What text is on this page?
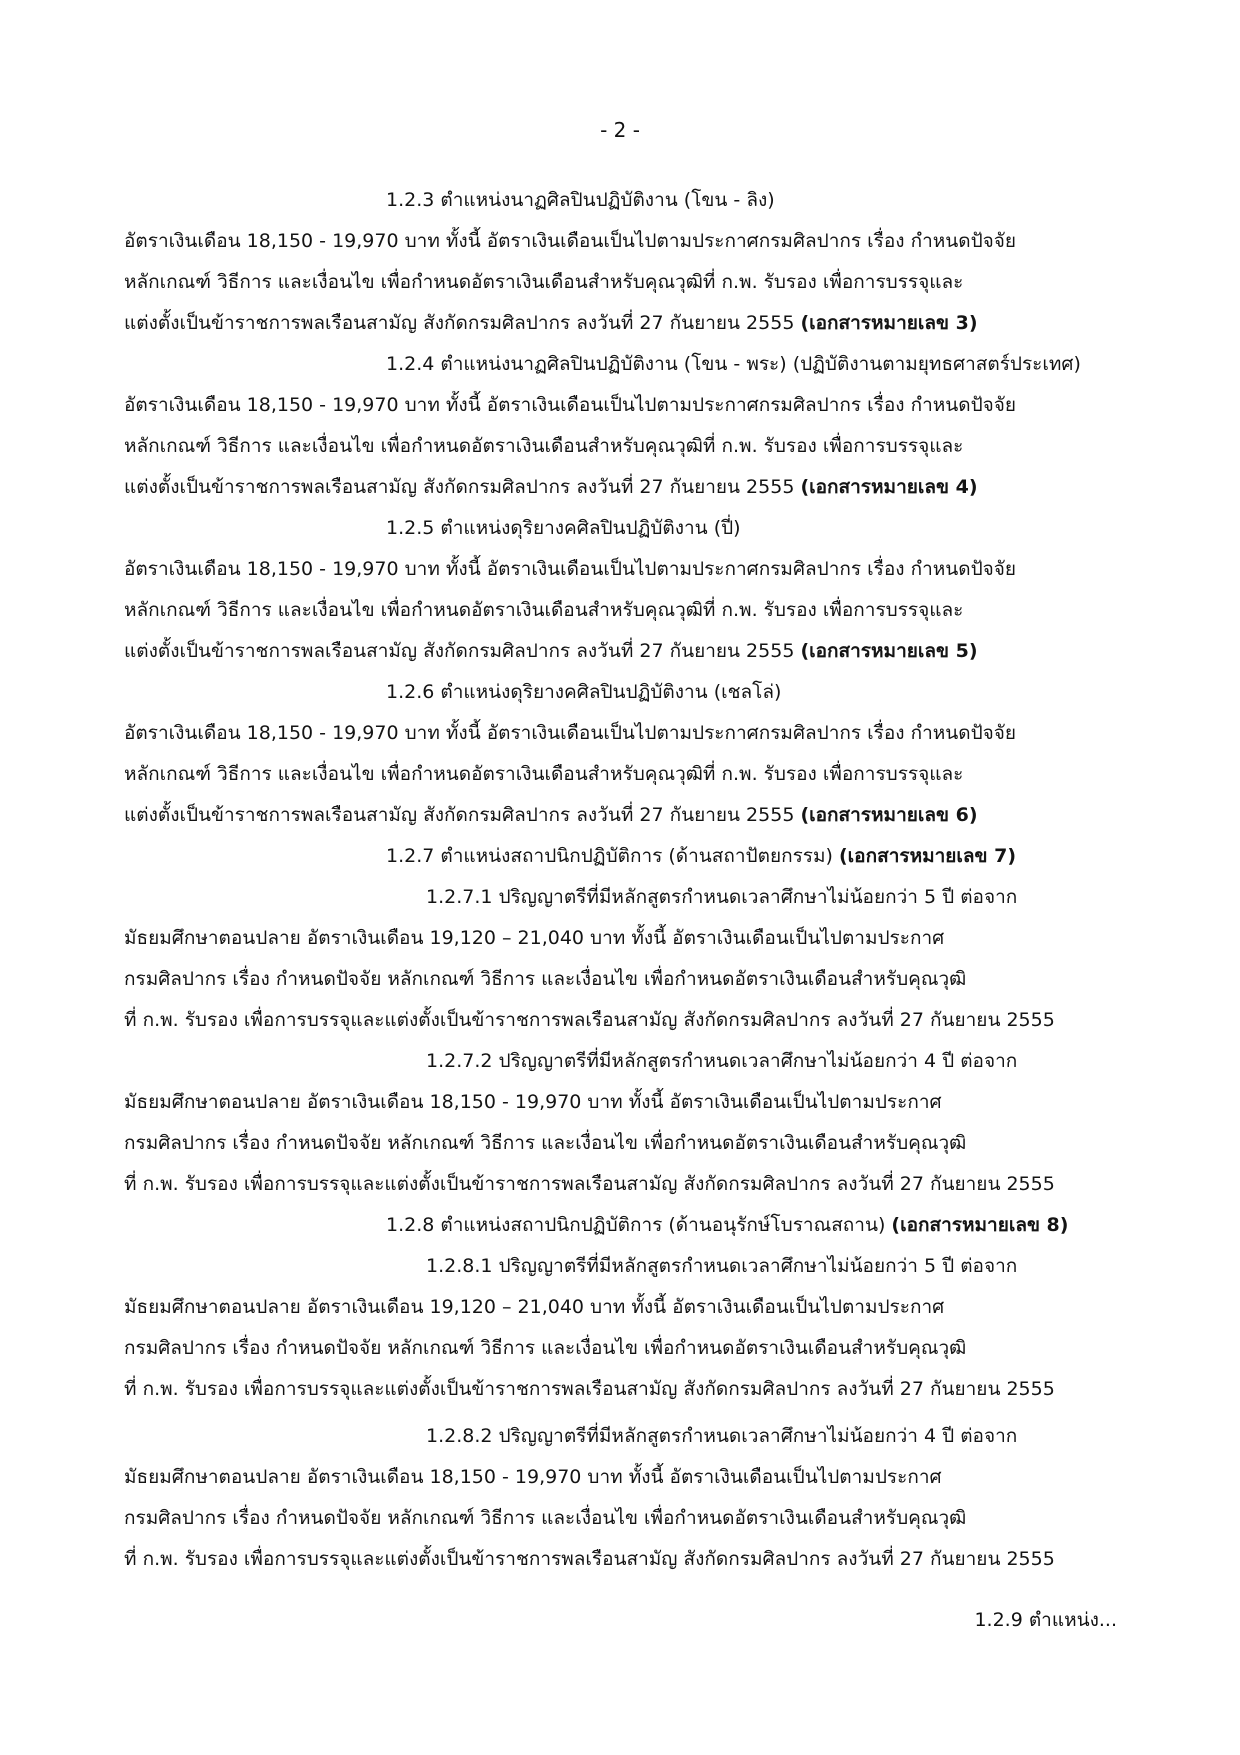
- 2 -
1.2.3 ตำแหน่งนาฏศิลปินปฏิบัติงาน (โขน - ลิง)
อัตราเงินเดือน 18,150 - 19,970 บาท ทั้งนี้ อัตราเงินเดือนเป็นไปตามประกาศกรมศิลปากร เรื่อง กำหนดปัจจัย
หลักเกณฑ์ วิธีการ และเงื่อนไข เพื่อกำหนดอัตราเงินเดือนสำหรับคุณวุฒิที่ ก.พ. รับรอง เพื่อการบรรจุและ
แต่งตั้งเป็นข้าราชการพลเรือนสามัญ สังกัดกรมศิลปากร ลงวันที่ 27 กันยายน 2555 (เอกสารหมายเลข 3)
1.2.4 ตำแหน่งนาฏศิลปินปฏิบัติงาน (โขน - พระ) (ปฏิบัติงานตามยุทธศาสตร์ประเทศ)
อัตราเงินเดือน 18,150 - 19,970 บาท ทั้งนี้ อัตราเงินเดือนเป็นไปตามประกาศกรมศิลปากร เรื่อง กำหนดปัจจัย
หลักเกณฑ์ วิธีการ และเงื่อนไข เพื่อกำหนดอัตราเงินเดือนสำหรับคุณวุฒิที่ ก.พ. รับรอง เพื่อการบรรจุและ
แต่งตั้งเป็นข้าราชการพลเรือนสามัญ สังกัดกรมศิลปากร ลงวันที่ 27 กันยายน 2555 (เอกสารหมายเลข 4)
1.2.5 ตำแหน่งดุริยางคศิลปินปฏิบัติงาน (ปี่)
อัตราเงินเดือน 18,150 - 19,970 บาท ทั้งนี้ อัตราเงินเดือนเป็นไปตามประกาศกรมศิลปากร เรื่อง กำหนดปัจจัย
หลักเกณฑ์ วิธีการ และเงื่อนไข เพื่อกำหนดอัตราเงินเดือนสำหรับคุณวุฒิที่ ก.พ. รับรอง เพื่อการบรรจุและ
แต่งตั้งเป็นข้าราชการพลเรือนสามัญ สังกัดกรมศิลปากร ลงวันที่ 27 กันยายน 2555 (เอกสารหมายเลข 5)
1.2.6 ตำแหน่งดุริยางคศิลปินปฏิบัติงาน (เชลโล่)
อัตราเงินเดือน 18,150 - 19,970 บาท ทั้งนี้ อัตราเงินเดือนเป็นไปตามประกาศกรมศิลปากร เรื่อง กำหนดปัจจัย
หลักเกณฑ์ วิธีการ และเงื่อนไข เพื่อกำหนดอัตราเงินเดือนสำหรับคุณวุฒิที่ ก.พ. รับรอง เพื่อการบรรจุและ
แต่งตั้งเป็นข้าราชการพลเรือนสามัญ สังกัดกรมศิลปากร ลงวันที่ 27 กันยายน 2555 (เอกสารหมายเลข 6)
1.2.7 ตำแหน่งสถาปนิกปฏิบัติการ (ด้านสถาปัตยกรรม) (เอกสารหมายเลข 7)
1.2.7.1 ปริญญาตรีที่มีหลักสูตรกำหนดเวลาศึกษาไม่น้อยกว่า 5 ปี ต่อจาก
มัธยมศึกษาตอนปลาย อัตราเงินเดือน 19,120 – 21,040 บาท ทั้งนี้ อัตราเงินเดือนเป็นไปตามประกาศ
กรมศิลปากร เรื่อง กำหนดปัจจัย หลักเกณฑ์ วิธีการ และเงื่อนไข เพื่อกำหนดอัตราเงินเดือนสำหรับคุณวุฒิ
ที่ ก.พ. รับรอง เพื่อการบรรจุและแต่งตั้งเป็นข้าราชการพลเรือนสามัญ สังกัดกรมศิลปากร ลงวันที่ 27 กันยายน 2555
1.2.7.2 ปริญญาตรีที่มีหลักสูตรกำหนดเวลาศึกษาไม่น้อยกว่า 4 ปี ต่อจาก
มัธยมศึกษาตอนปลาย อัตราเงินเดือน 18,150 - 19,970 บาท ทั้งนี้ อัตราเงินเดือนเป็นไปตามประกาศ
กรมศิลปากร เรื่อง กำหนดปัจจัย หลักเกณฑ์ วิธีการ และเงื่อนไข เพื่อกำหนดอัตราเงินเดือนสำหรับคุณวุฒิ
ที่ ก.พ. รับรอง เพื่อการบรรจุและแต่งตั้งเป็นข้าราชการพลเรือนสามัญ สังกัดกรมศิลปากร ลงวันที่ 27 กันยายน 2555
1.2.8 ตำแหน่งสถาปนิกปฏิบัติการ (ด้านอนุรักษ์โบราณสถาน) (เอกสารหมายเลข 8)
1.2.8.1 ปริญญาตรีที่มีหลักสูตรกำหนดเวลาศึกษาไม่น้อยกว่า 5 ปี ต่อจาก
มัธยมศึกษาตอนปลาย อัตราเงินเดือน 19,120 – 21,040 บาท ทั้งนี้ อัตราเงินเดือนเป็นไปตามประกาศ
กรมศิลปากร เรื่อง กำหนดปัจจัย หลักเกณฑ์ วิธีการ และเงื่อนไข เพื่อกำหนดอัตราเงินเดือนสำหรับคุณวุฒิ
ที่ ก.พ. รับรอง เพื่อการบรรจุและแต่งตั้งเป็นข้าราชการพลเรือนสามัญ สังกัดกรมศิลปากร ลงวันที่ 27 กันยายน 2555
1.2.8.2 ปริญญาตรีที่มีหลักสูตรกำหนดเวลาศึกษาไม่น้อยกว่า 4 ปี ต่อจาก
มัธยมศึกษาตอนปลาย อัตราเงินเดือน 18,150 - 19,970 บาท ทั้งนี้ อัตราเงินเดือนเป็นไปตามประกาศ
กรมศิลปากร เรื่อง กำหนดปัจจัย หลักเกณฑ์ วิธีการ และเงื่อนไข เพื่อกำหนดอัตราเงินเดือนสำหรับคุณวุฒิ
ที่ ก.พ. รับรอง เพื่อการบรรจุและแต่งตั้งเป็นข้าราชการพลเรือนสามัญ สังกัดกรมศิลปากร ลงวันที่ 27 กันยายน 2555
1.2.9 ตำแหน่ง...
